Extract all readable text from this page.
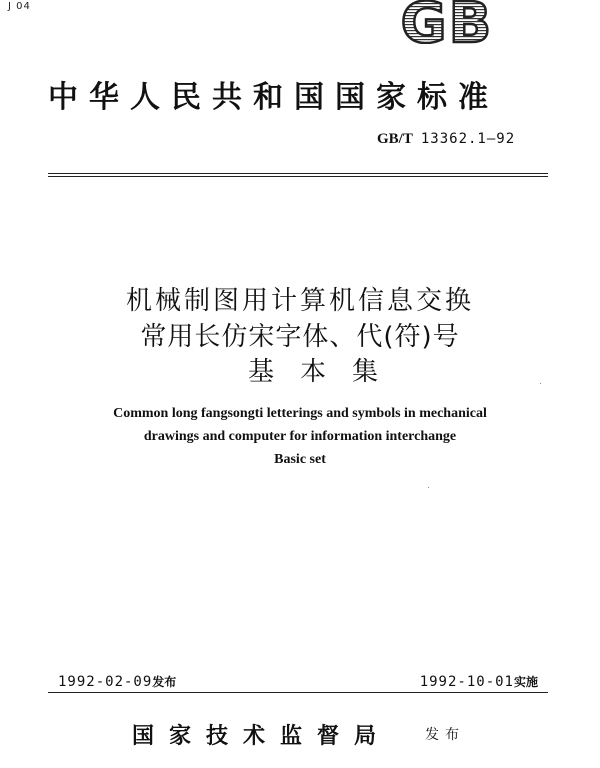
J 04	GB
中华人民共和国国家标准
GB/T 13362.1—92
机械制图用计算机信息交换
常用长仿宋字体、代(符)号
基本集
Common long fangsongti letterings and symbols in mechanical
drawings and computer for information interchange
Basic set
1992-02-09发布	1992-10-01实施
国家技术监督局 发布
